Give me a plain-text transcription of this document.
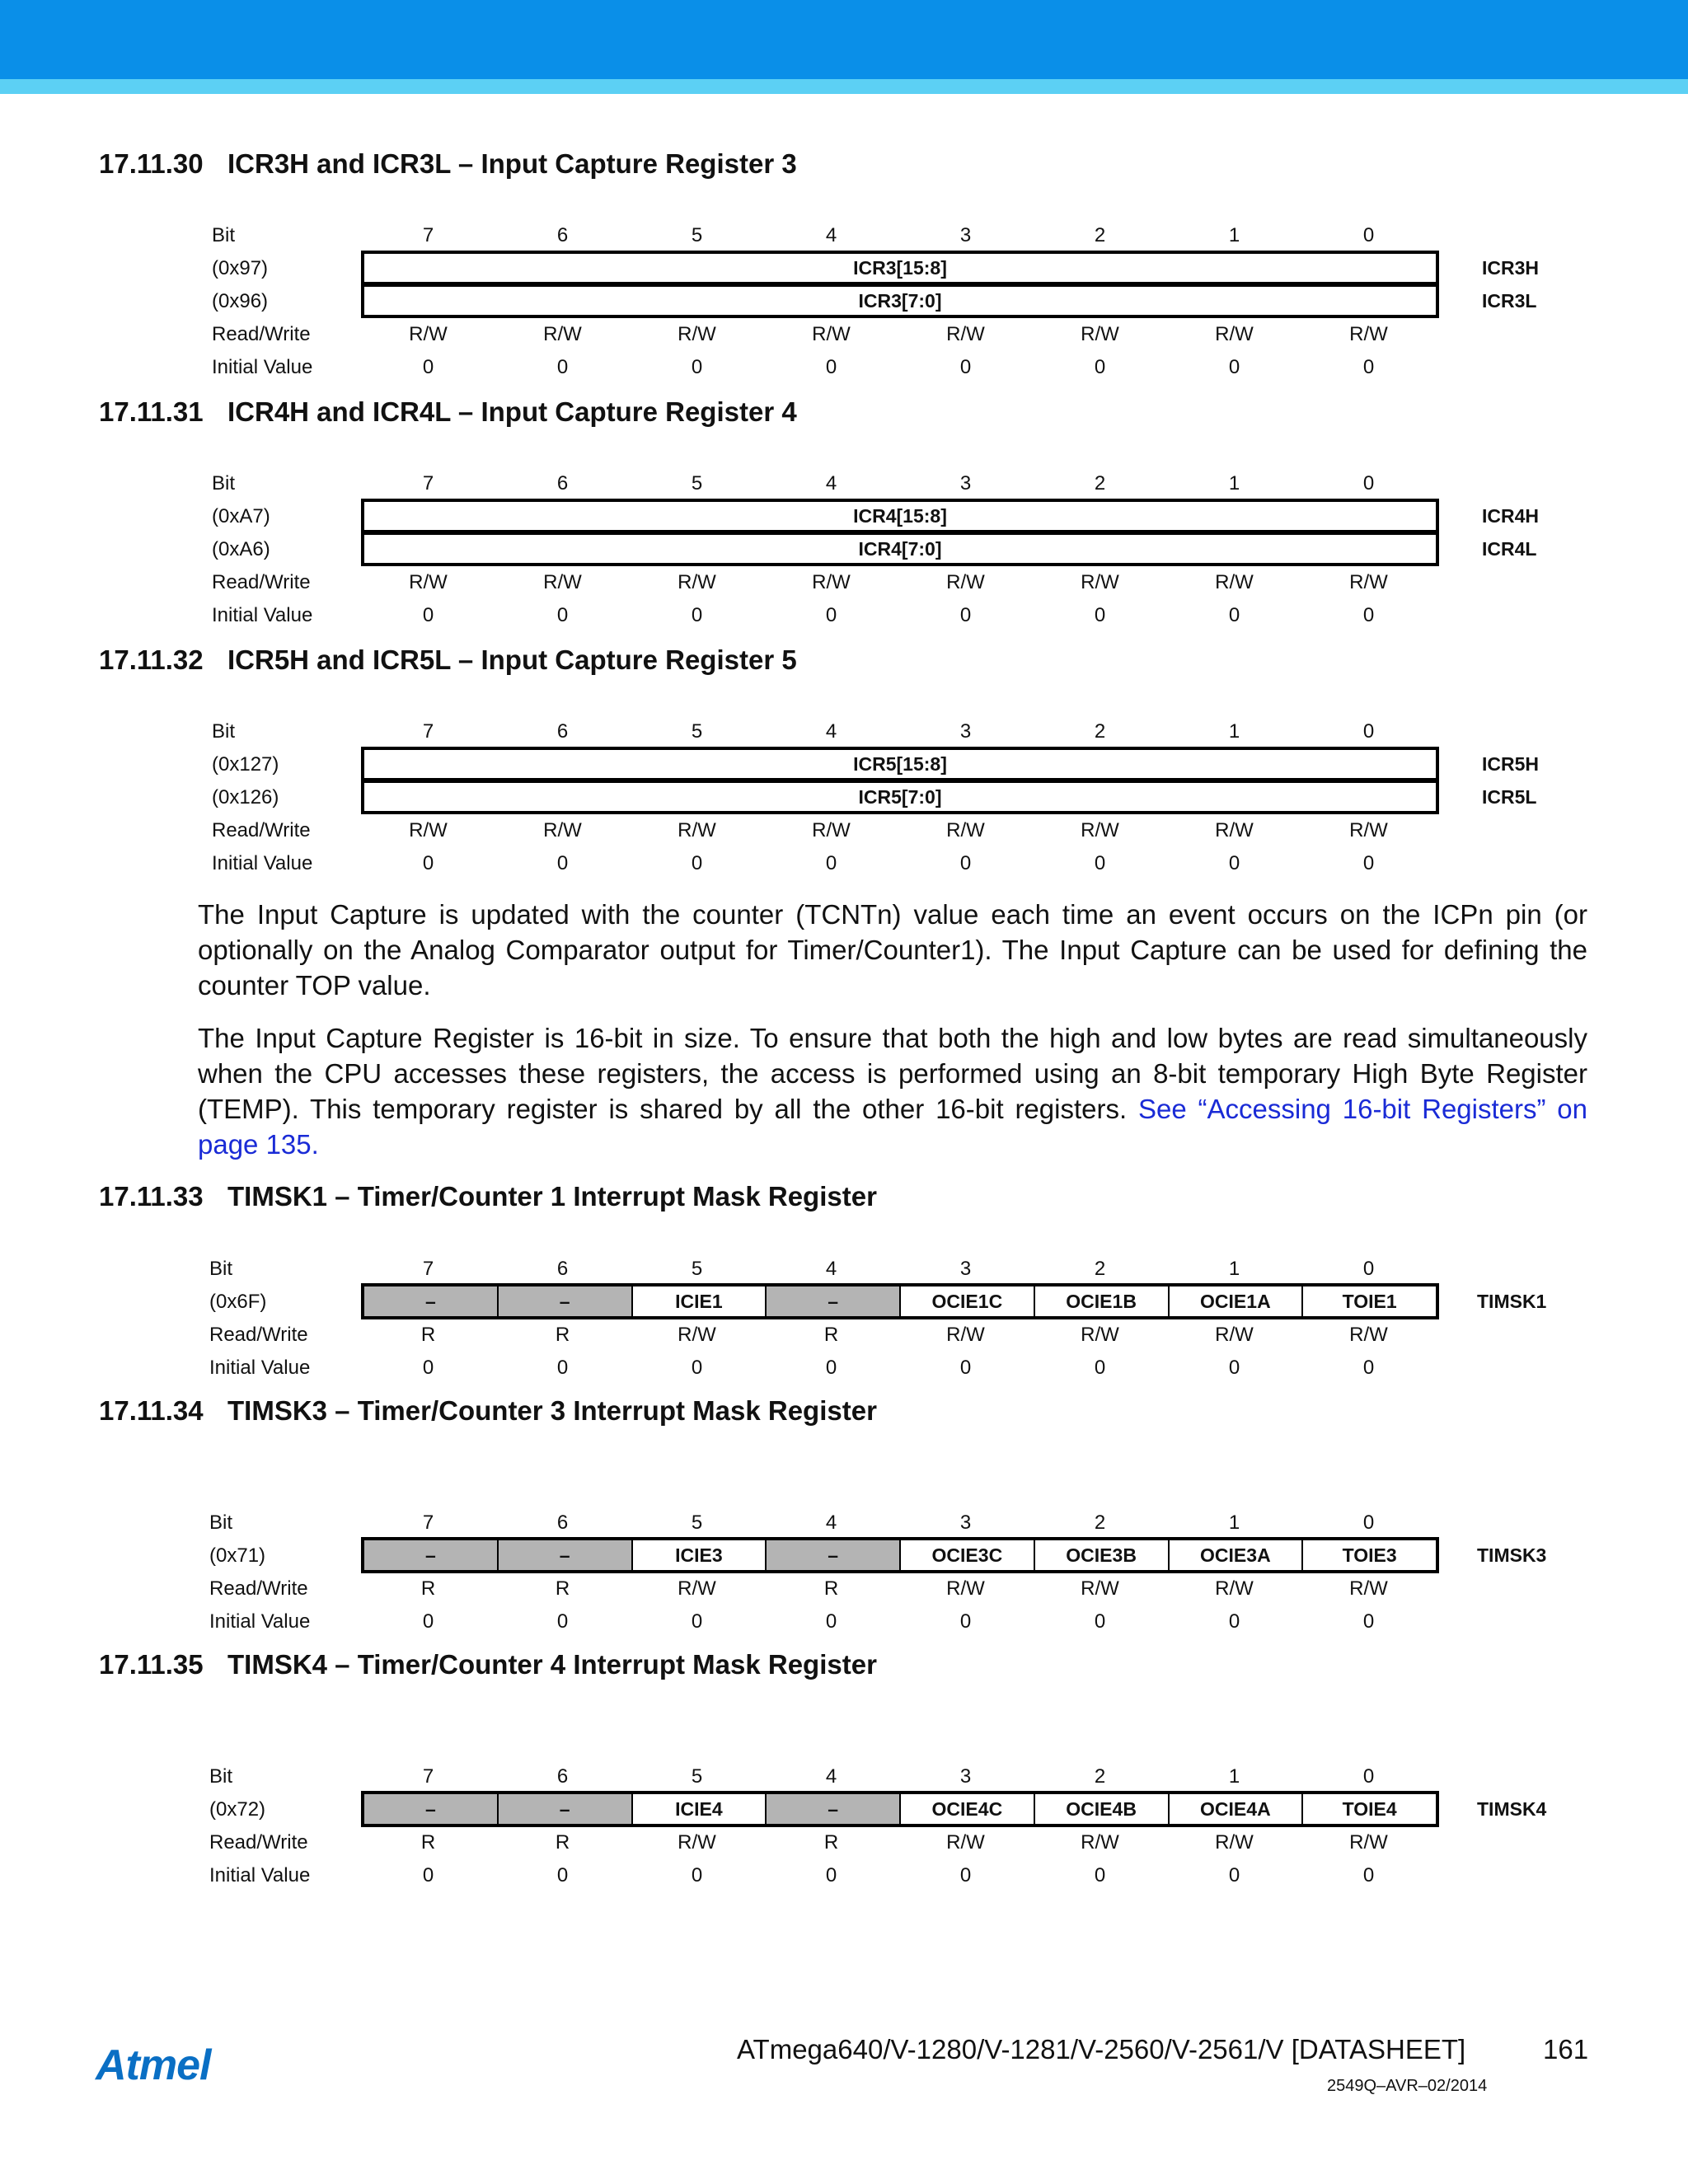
17.11.30 ICR3H and ICR3L – Input Capture Register 3
Bit	7	6	5	4	3	2	1	0
(0x97)	ICR3[15:8]	ICR3H
(0x96)	ICR3[7:0]	ICR3L
Read/Write	R/W	R/W	R/W	R/W	R/W	R/W	R/W	R/W
Initial Value	0	0	0	0	0	0	0	0
17.11.31 ICR4H and ICR4L – Input Capture Register 4
Bit	7	6	5	4	3	2	1	0
(0xA7)	ICR4[15:8]	ICR4H
(0xA6)	ICR4[7:0]	ICR4L
Read/Write	R/W	R/W	R/W	R/W	R/W	R/W	R/W	R/W
Initial Value	0	0	0	0	0	0	0	0
17.11.32 ICR5H and ICR5L – Input Capture Register 5
Bit	7	6	5	4	3	2	1	0
(0x127)	ICR5[15:8]	ICR5H
(0x126)	ICR5[7:0]	ICR5L
Read/Write	R/W	R/W	R/W	R/W	R/W	R/W	R/W	R/W
Initial Value	0	0	0	0	0	0	0	0
The Input Capture is updated with the counter (TCNTn) value each time an event occurs on the ICPn pin (or optionally on the Analog Comparator output for Timer/Counter1). The Input Capture can be used for defining the counter TOP value.
The Input Capture Register is 16-bit in size. To ensure that both the high and low bytes are read simultaneously when the CPU accesses these registers, the access is performed using an 8-bit temporary High Byte Register (TEMP). This temporary register is shared by all the other 16-bit registers. See “Accessing 16-bit Registers” on page 135.
17.11.33 TIMSK1 – Timer/Counter 1 Interrupt Mask Register
Bit	7	6	5	4	3	2	1	0
(0x6F)	–	–	ICIE1	–	OCIE1C	OCIE1B	OCIE1A	TOIE1	TIMSK1
Read/Write	R	R	R/W	R	R/W	R/W	R/W	R/W
Initial Value	0	0	0	0	0	0	0	0
17.11.34 TIMSK3 – Timer/Counter 3 Interrupt Mask Register
Bit	7	6	5	4	3	2	1	0
(0x71)	–	–	ICIE3	–	OCIE3C	OCIE3B	OCIE3A	TOIE3	TIMSK3
Read/Write	R	R	R/W	R	R/W	R/W	R/W	R/W
Initial Value	0	0	0	0	0	0	0	0
17.11.35 TIMSK4 – Timer/Counter 4 Interrupt Mask Register
Bit	7	6	5	4	3	2	1	0
(0x72)	–	–	ICIE4	–	OCIE4C	OCIE4B	OCIE4A	TOIE4	TIMSK4
Read/Write	R	R	R/W	R	R/W	R/W	R/W	R/W
Initial Value	0	0	0	0	0	0	0	0
Atmel	ATmega640/V-1280/V-1281/V-2560/V-2561/V [DATASHEET]	161
2549Q–AVR–02/2014
